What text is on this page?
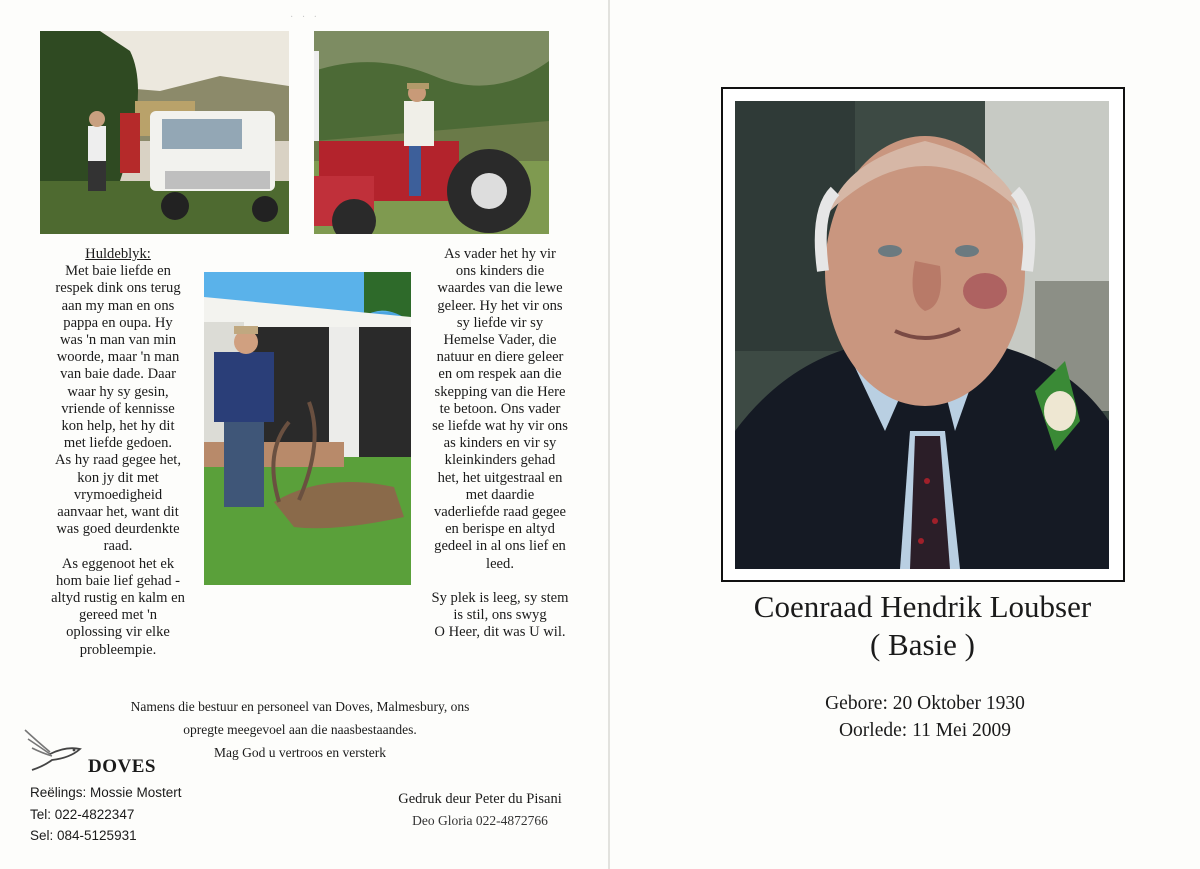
· · ·
Huldeblyk:
Met baie liefde en
respek dink ons terug
aan my man en ons
pappa en oupa. Hy
was 'n man van min
woorde, maar 'n man
van baie dade. Daar
waar hy sy gesin,
vriende of kennisse
kon help, het hy dit
met liefde gedoen.
As hy raad gegee het,
kon jy dit met
vrymoedigheid
aanvaar het, want dit
was goed deurdenkte
raad.
As eggenoot het ek
hom baie lief gehad -
altyd rustig en kalm en
gereed met 'n
oplossing vir elke
probleempie.
As vader het hy vir
ons kinders die
waardes van die lewe
geleer. Hy het vir ons
sy liefde vir sy
Hemelse Vader, die
natuur en diere geleer
en om respek aan die
skepping van die Here
te betoon. Ons vader
se liefde wat hy vir ons
as kinders en vir sy
kleinkinders gehad
het, het uitgestraal en
met daardie
vaderliefde raad gegee
en berispe en altyd
gedeel in al ons lief en
leed.
Sy plek is leeg, sy stem
is stil, ons swyg
O Heer, dit was U wil.

Namens die bestuur en personeel van Doves, Malmesbury, ons

opregte meegevoel aan die naasbestaandes.

Mag God u vertroos en versterk

DOVES
Reëlings: Mossie Mostert
Tel: 022-4822347
Sel: 084-5125931
Gedruk deur Peter du Pisani
Deo Gloria 022-4872766
Coenraad Hendrik Loubser
( Basie )
Gebore: 20 Oktober 1930
Oorlede: 11 Mei 2009
